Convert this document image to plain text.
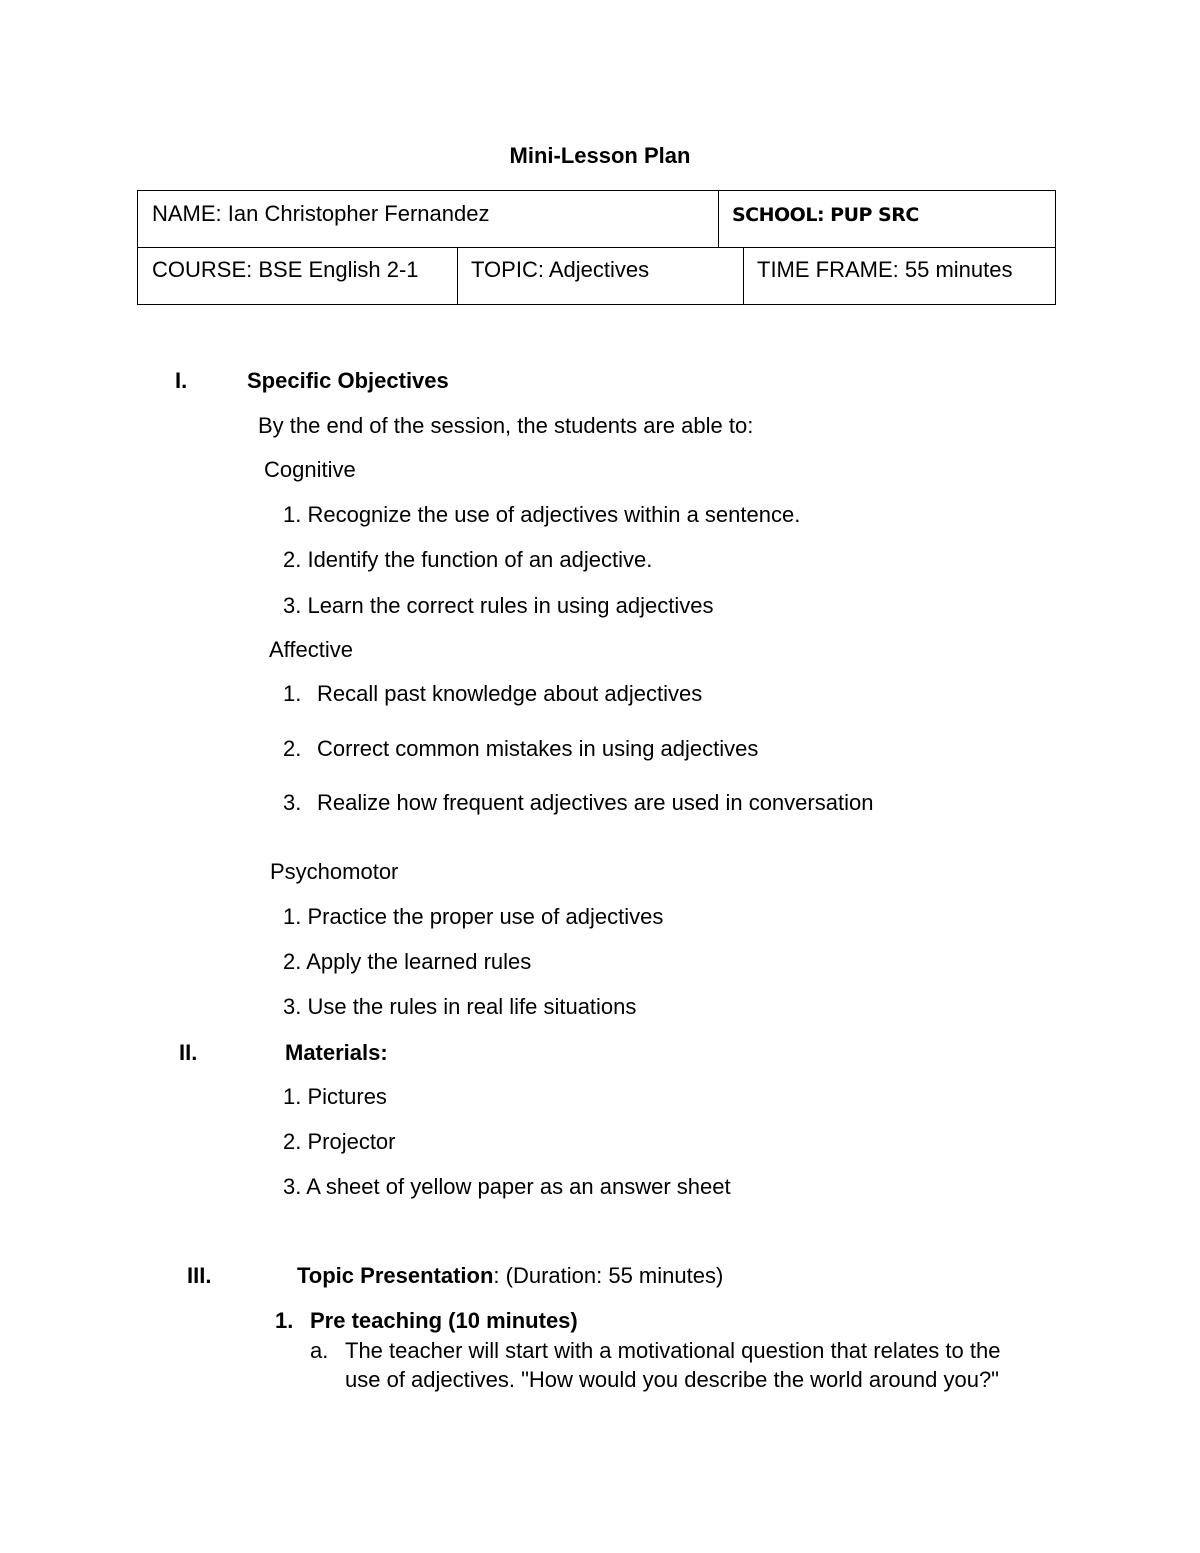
Mini-Lesson Plan
NAME: Ian Christopher Fernandez	SCHOOL: PUP SRC
COURSE: BSE English 2-1 TOPIC: Adjectives	TIME FRAME: 55 minutes
I.	Specific Objectives
By the end of the session, the students are able to:
Cognitive
1. Recognize the use of adjectives within a sentence.
2. Identify the function of an adjective.
3. Learn the correct rules in using adjectives
Affective
1. Recall past knowledge about adjectives
2. Correct common mistakes in using adjectives
3. Realize how frequent adjectives are used in conversation
Psychomotor
1. Practice the proper use of adjectives
2. Apply the learned rules
3. Use the rules in real life situations
II.	Materials:
1. Pictures
2. Projector
3. A sheet of yellow paper as an answer sheet
III.	Topic Presentation: (Duration: 55 minutes)
1. Pre teaching (10 minutes)
a. The teacher will start with a motivational question that relates to the
use of adjectives. "How would you describe the world around you?"
